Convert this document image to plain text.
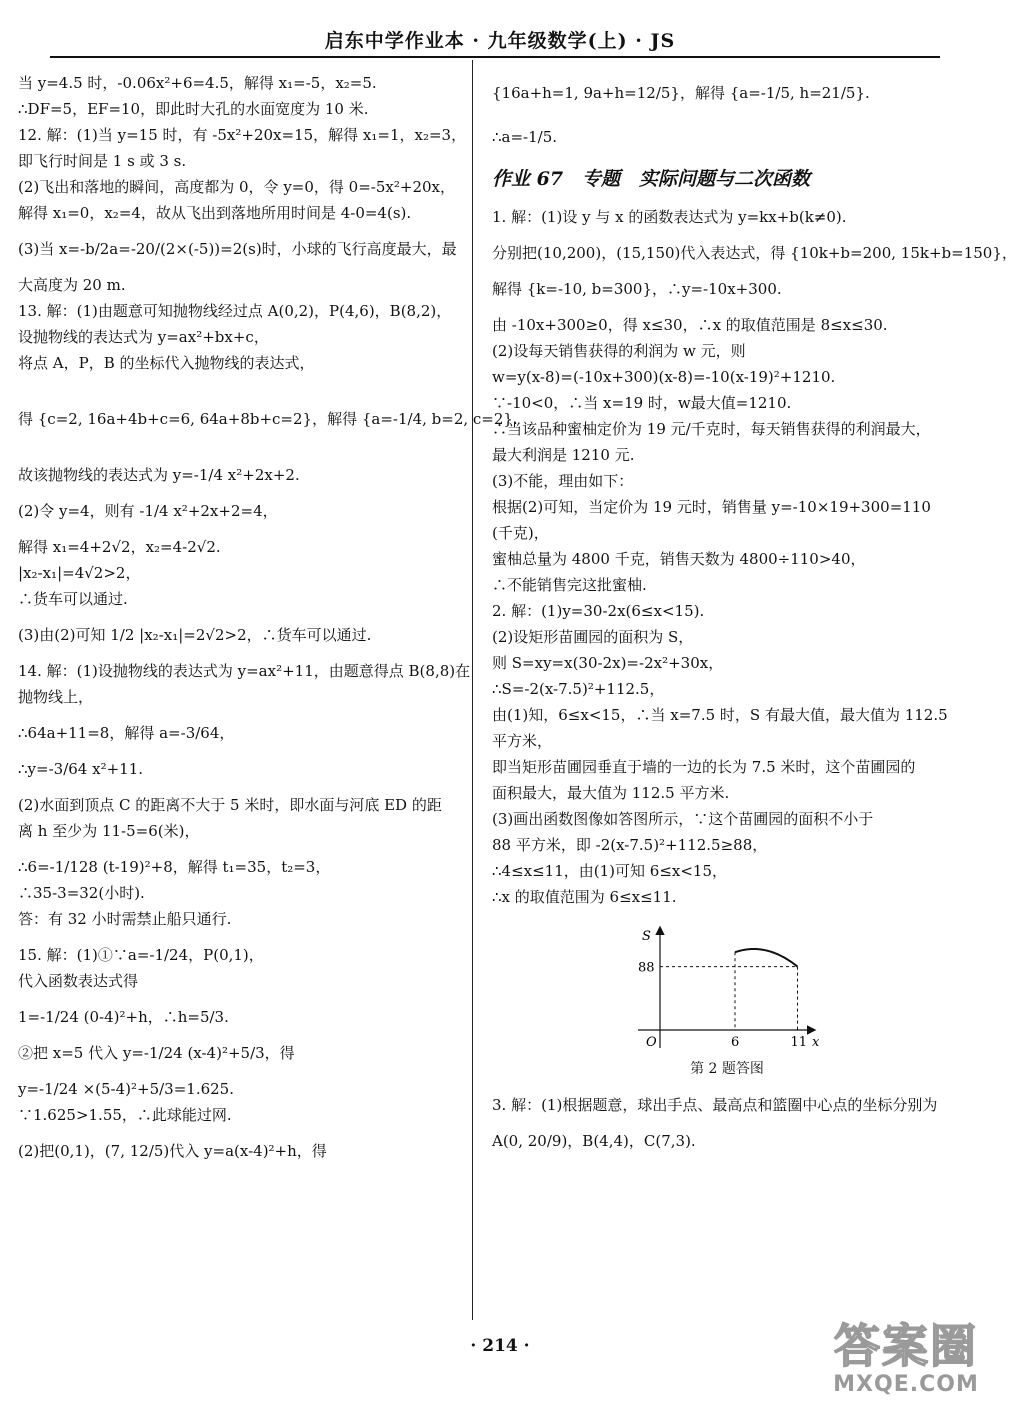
启东中学作业本 · 九年级数学(上) · JS
当 y=4.5 时，-0.06x²+6=4.5，解得 x₁=-5，x₂=5.
∴DF=5，EF=10，即此时大孔的水面宽度为 10 米.
12. 解：(1)当 y=15 时，有 -5x²+20x=15，解得 x₁=1，x₂=3，
即飞行时间是 1 s 或 3 s.
(2)飞出和落地的瞬间，高度都为 0，令 y=0，得 0=-5x²+20x，
解得 x₁=0，x₂=4，故从飞出到落地所用时间是 4-0=4(s).
(3)当 x=-b/2a=-20/(2×(-5))=2(s)时，小球的飞行高度最大，最
大高度为 20 m.
13. 解：(1)由题意可知抛物线经过点 A(0,2)，P(4,6)，B(8,2)，
设抛物线的表达式为 y=ax²+bx+c，
将点 A，P，B 的坐标代入抛物线的表达式，
得 {c=2, 16a+4b+c=6, 64a+8b+c=2}，解得 {a=-1/4, b=2, c=2}.
故该抛物线的表达式为 y=-1/4 x²+2x+2.
(2)令 y=4，则有 -1/4 x²+2x+2=4，
解得 x₁=4+2√2，x₂=4-2√2.
|x₂-x₁|=4√2>2，
∴货车可以通过.
(3)由(2)可知 1/2 |x₂-x₁|=2√2>2，∴货车可以通过.
14. 解：(1)设抛物线的表达式为 y=ax²+11，由题意得点 B(8,8)在
抛物线上，
∴64a+11=8，解得 a=-3/64，
∴y=-3/64 x²+11.
(2)水面到顶点 C 的距离不大于 5 米时，即水面与河底 ED 的距
离 h 至少为 11-5=6(米)，
∴6=-1/128 (t-19)²+8，解得 t₁=35，t₂=3，
∴35-3=32(小时).
答：有 32 小时需禁止船只通行.
15. 解：(1)①∵a=-1/24，P(0,1)，
代入函数表达式得
1=-1/24 (0-4)²+h，∴h=5/3.
②把 x=5 代入 y=-1/24 (x-4)²+5/3，得
y=-1/24 ×(5-4)²+5/3=1.625.
∵1.625>1.55，∴此球能过网.
(2)把(0,1)，(7, 12/5)代入 y=a(x-4)²+h，得
{16a+h=1, 9a+h=12/5}，解得 {a=-1/5, h=21/5}.
∴a=-1/5.
作业 67　专题　实际问题与二次函数
1. 解：(1)设 y 与 x 的函数表达式为 y=kx+b(k≠0).
分别把(10,200)，(15,150)代入表达式，得 {10k+b=200, 15k+b=150}，
解得 {k=-10, b=300}，∴y=-10x+300.
由 -10x+300≥0，得 x≤30，∴x 的取值范围是 8≤x≤30.
(2)设每天销售获得的利润为 w 元，则
w=y(x-8)=(-10x+300)(x-8)=-10(x-19)²+1210.
∵-10<0，∴当 x=19 时，w最大值=1210.
∴当该品种蜜柚定价为 19 元/千克时，每天销售获得的利润最大，
最大利润是 1210 元.
(3)不能，理由如下：
根据(2)可知，当定价为 19 元时，销售量 y=-10×19+300=110
(千克)，
蜜柚总量为 4800 千克，销售天数为 4800÷110>40，
∴不能销售完这批蜜柚.
2. 解：(1)y=30-2x(6≤x<15).
(2)设矩形苗圃园的面积为 S，
则 S=xy=x(30-2x)=-2x²+30x，
∴S=-2(x-7.5)²+112.5，
由(1)知，6≤x<15，∴当 x=7.5 时，S 有最大值，最大值为 112.5
平方米，
即当矩形苗圃园垂直于墙的一边的长为 7.5 米时，这个苗圃园的
面积最大，最大值为 112.5 平方米.
(3)画出函数图像如答图所示，∵这个苗圃园的面积不小于
88 平方米，即 -2(x-7.5)²+112.5≥88，
∴4≤x≤11，由(1)可知 6≤x<15，
∴x 的取值范围为 6≤x≤11.
S
x
O
88
6	11
第 2 题答图
3. 解：(1)根据题意，球出手点、最高点和篮圈中心点的坐标分别为
A(0, 20/9)，B(4,4)，C(7,3).
· 214 ·	答案圈
MXQE.COM
